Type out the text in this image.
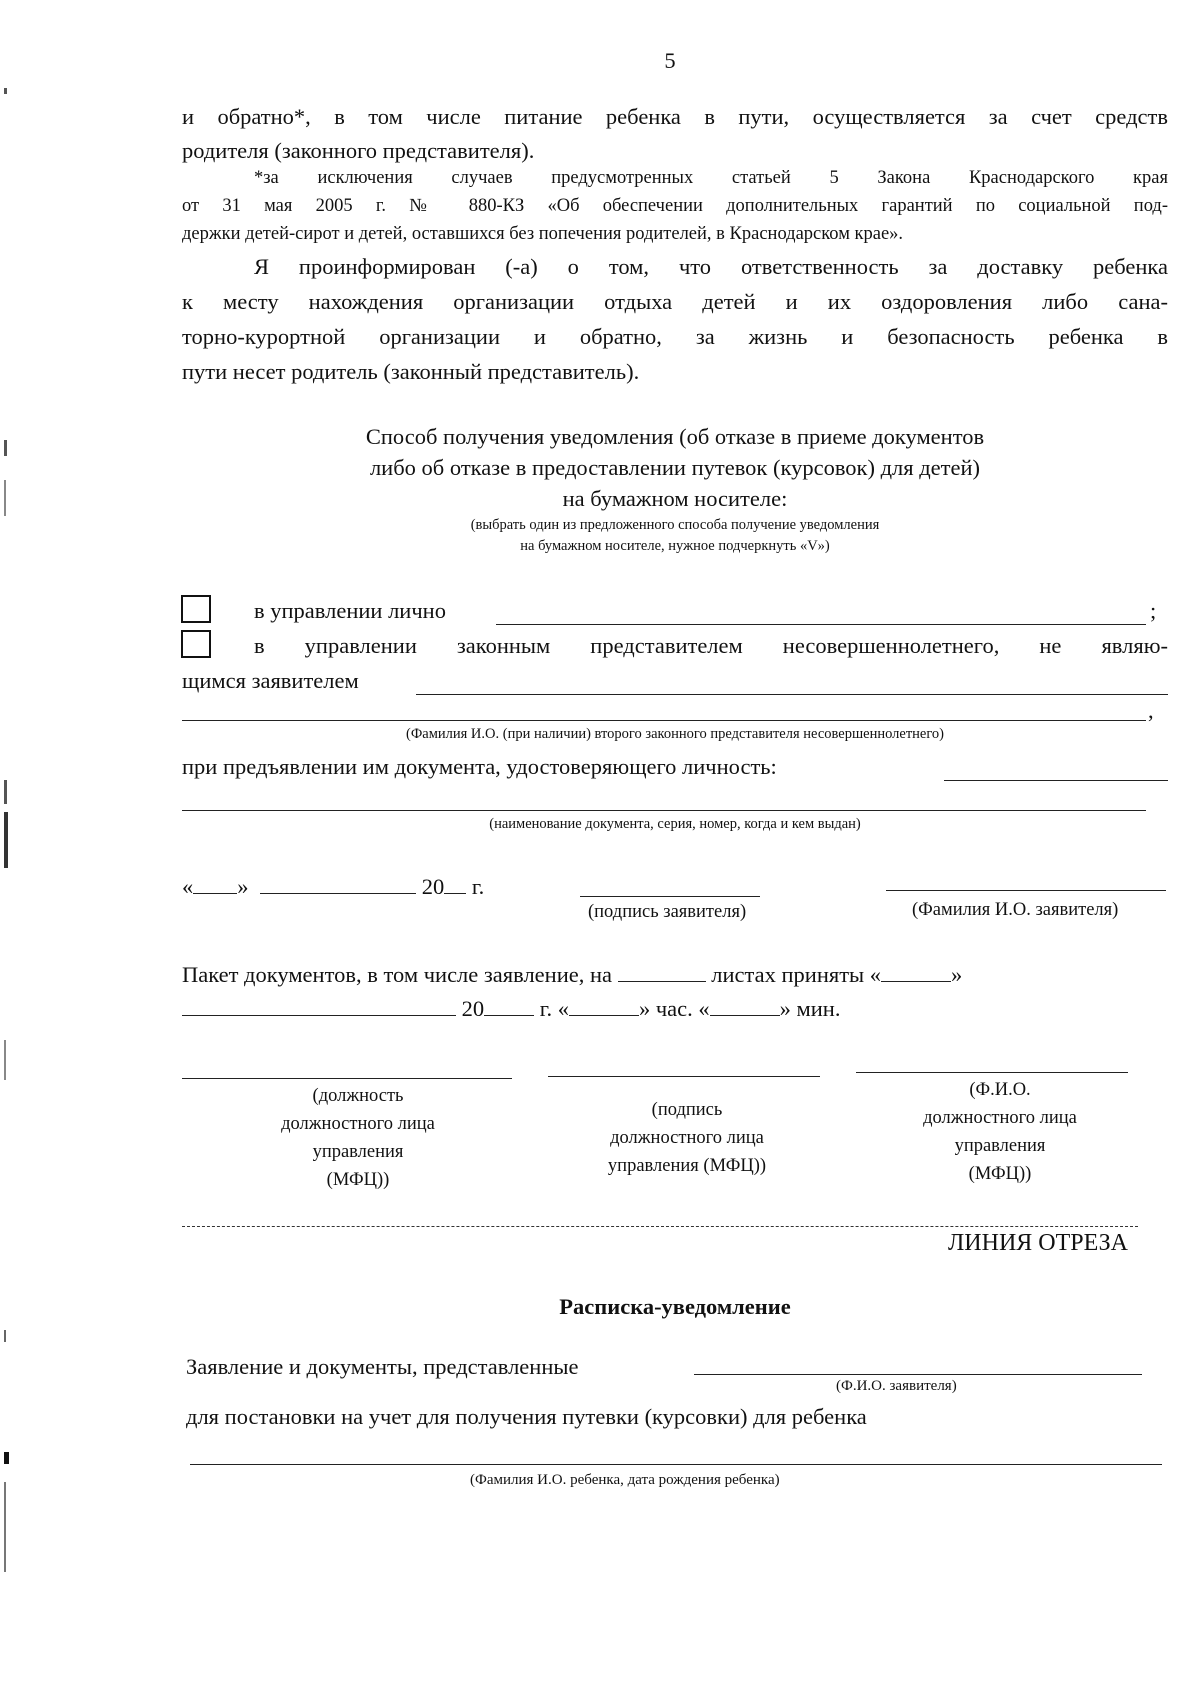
5
и обратно*, в том числе питание ребенка в пути, осуществляется за счет средств
родителя (законного представителя).
*за исключения случаев предусмотренных статьей 5 Закона Краснодарского края
от 31 мая 2005 г. № 880-КЗ «Об обеспечении дополнительных гарантий по социальной под-
держки детей-сирот и детей, оставшихся без попечения родителей, в Краснодарском крае».
Я проинформирован (-а) о том, что ответственность за доставку ребенка
к месту нахождения организации отдыха детей и их оздоровления либо сана-
торно-курортной организации и обратно, за жизнь и безопасность ребенка в
пути несет родитель (законный представитель).
Способ получения уведомления (об отказе в приеме документов
либо об отказе в предоставлении путевок (курсовок) для детей)
на бумажном носителе:
(выбрать один из предложенного способа получение уведомления
на бумажном носителе, нужное подчеркнуть «V»)
в управлении лично	;
в управлении законным представителем несовершеннолетнего, не являю-
щимся заявителем
,
(Фамилия И.О. (при наличии) второго законного представителя несовершеннолетнего)
при предъявлении им документа, удостоверяющего личность:
(наименование документа, серия, номер, когда и кем выдан)
« »	20 г.
(подпись заявителя)	(Фамилия И.О. заявителя)
Пакет документов, в том числе заявление, на	листах приняты «	»
20 г. «	» час. «	» мин.
(должность
должностного лица
управления
(МФЦ))
(подпись
должностного лица
управления (МФЦ))
(Ф.И.О.
должностного лица
управления
(МФЦ))
ЛИНИЯ ОТРЕЗА
Расписка-уведомление
Заявление и документы, представленные
(Ф.И.О. заявителя)
для постановки на учет для получения путевки (курсовки) для ребенка
(Фамилия И.О. ребенка, дата рождения ребенка)
